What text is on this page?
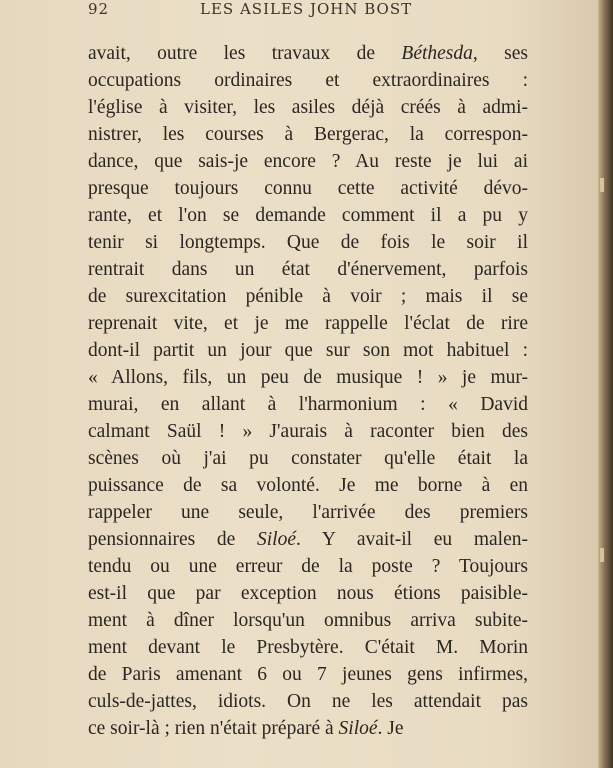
92	LES ASILES JOHN BOST
avait, outre les travaux de Béthesda, ses
occupations ordinaires et extraordinaires :
l'église à visiter, les asiles déjà créés à admi-
nistrer, les courses à Bergerac, la correspon-
dance, que sais-je encore ? Au reste je lui ai
presque toujours connu cette activité dévo-
rante, et l'on se demande comment il a pu y
tenir si longtemps. Que de fois le soir il
rentrait dans un état d'énervement, parfois
de surexcitation pénible à voir ; mais il se
reprenait vite, et je me rappelle l'éclat de rire
dont-il partit un jour que sur son mot habituel :
« Allons, fils, un peu de musique ! » je mur-
murai, en allant à l'harmonium : « David
calmant Saül ! » J'aurais à raconter bien des
scènes où j'ai pu constater qu'elle était la
puissance de sa volonté. Je me borne à en
rappeler une seule, l'arrivée des premiers
pensionnaires de Siloé. Y avait-il eu malen-
tendu ou une erreur de la poste ? Toujours
est-il que par exception nous étions paisible-
ment à dîner lorsqu'un omnibus arriva subite-
ment devant le Presbytère. C'était M. Morin
de Paris amenant 6 ou 7 jeunes gens infirmes,
culs-de-jattes, idiots. On ne les attendait pas
ce soir-là ; rien n'était préparé à Siloé. Je
